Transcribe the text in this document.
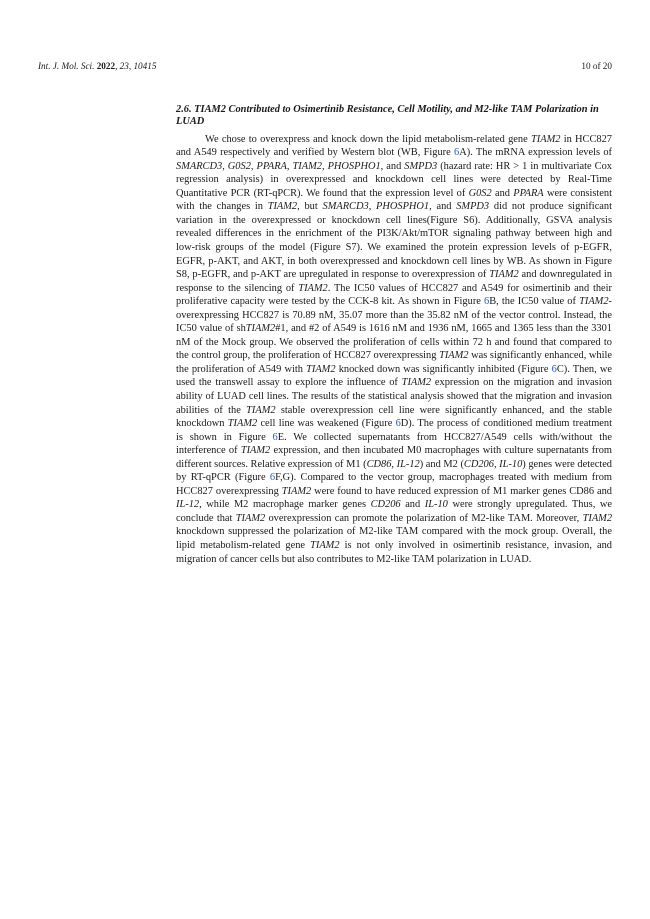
Int. J. Mol. Sci. 2022, 23, 10415	10 of 20
2.6. TIAM2 Contributed to Osimertinib Resistance, Cell Motility, and M2-like TAM Polarization in LUAD

We chose to overexpress and knock down the lipid metabolism-related gene TIAM2 in HCC827 and A549 respectively and verified by Western blot (WB, Figure 6A). The mRNA expression levels of SMARCD3, G0S2, PPARA, TIAM2, PHOSPHO1, and SMPD3 (hazard rate: HR > 1 in multivariate Cox regression analysis) in overexpressed and knockdown cell lines were detected by Real-Time Quantitative PCR (RT-qPCR). We found that the expression level of G0S2 and PPARA were consistent with the changes in TIAM2, but SMARCD3, PHOSPHO1, and SMPD3 did not produce significant variation in the overexpressed or knockdown cell lines(Figure S6). Additionally, GSVA analysis revealed differences in the enrichment of the PI3K/Akt/mTOR signaling pathway between high and low-risk groups of the model (Figure S7). We examined the protein expression levels of p-EGFR, EGFR, p-AKT, and AKT, in both overexpressed and knockdown cell lines by WB. As shown in Figure S8, p-EGFR, and p-AKT are upregulated in response to overexpression of TIAM2 and downregulated in response to the silencing of TIAM2. The IC50 values of HCC827 and A549 for osimertinib and their proliferative capacity were tested by the CCK-8 kit. As shown in Figure 6B, the IC50 value of TIAM2-overexpressing HCC827 is 70.89 nM, 35.07 more than the 35.82 nM of the vector control. Instead, the IC50 value of shTIAM2#1, and #2 of A549 is 1616 nM and 1936 nM, 1665 and 1365 less than the 3301 nM of the Mock group. We observed the proliferation of cells within 72 h and found that compared to the control group, the proliferation of HCC827 overexpressing TIAM2 was significantly enhanced, while the proliferation of A549 with TIAM2 knocked down was significantly inhibited (Figure 6C). Then, we used the transwell assay to explore the influence of TIAM2 expression on the migration and invasion ability of LUAD cell lines. The results of the statistical analysis showed that the migration and invasion abilities of the TIAM2 stable overexpression cell line were significantly enhanced, and the stable knockdown TIAM2 cell line was weakened (Figure 6D). The process of conditioned medium treatment is shown in Figure 6E. We collected supernatants from HCC827/A549 cells with/without the interference of TIAM2 expression, and then incubated M0 macrophages with culture supernatants from different sources. Relative expression of M1 (CD86, IL-12) and M2 (CD206, IL-10) genes were detected by RT-qPCR (Figure 6F,G). Compared to the vector group, macrophages treated with medium from HCC827 overexpressing TIAM2 were found to have reduced expression of M1 marker genes CD86 and IL-12, while M2 macrophage marker genes CD206 and IL-10 were strongly upregulated. Thus, we conclude that TIAM2 overexpression can promote the polarization of M2-like TAM. Moreover, TIAM2 knockdown suppressed the polarization of M2-like TAM compared with the mock group. Overall, the lipid metabolism-related gene TIAM2 is not only involved in osimertinib resistance, invasion, and migration of cancer cells but also contributes to M2-like TAM polarization in LUAD.
